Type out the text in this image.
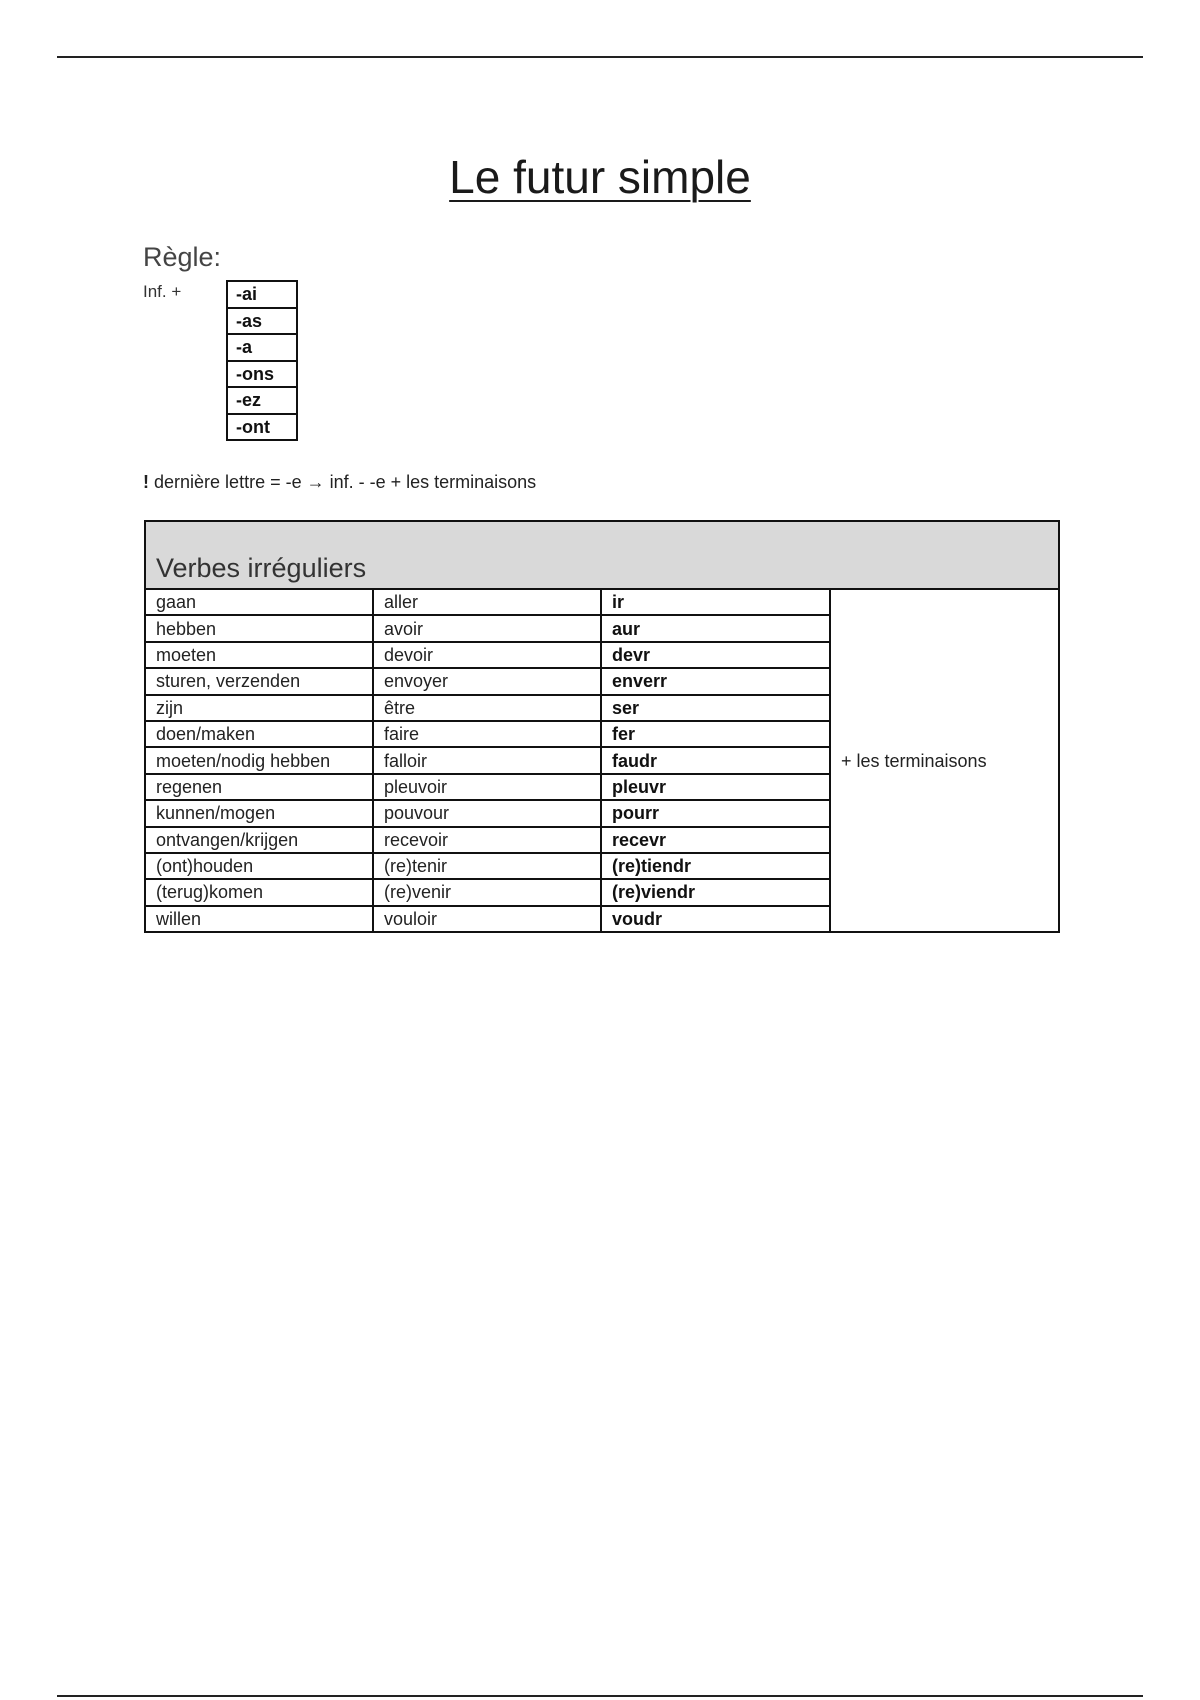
Le futur simple
Règle:
Inf. +	-ai
-as
-a
-ons
-ez
-ont
! dernière lettre = -e → inf. - -e + les terminaisons
Verbes irréguliers			
gaan	aller	ir	+ les terminaisons
hebben	avoir	aur	
moeten	devoir	devr	
sturen, verzenden	envoyer	enverr	
zijn	être	ser	
doen/maken	faire	fer	
moeten/nodig hebben	falloir	faudr	
regenen	pleuvoir	pleuvr	
kunnen/mogen	pouvour	pourr	
ontvangen/krijgen	recevoir	recevr	
(ont)houden	(re)tenir	(re)tiendr	
(terug)komen	(re)venir	(re)viendr	
willen	vouloir	voudr	
